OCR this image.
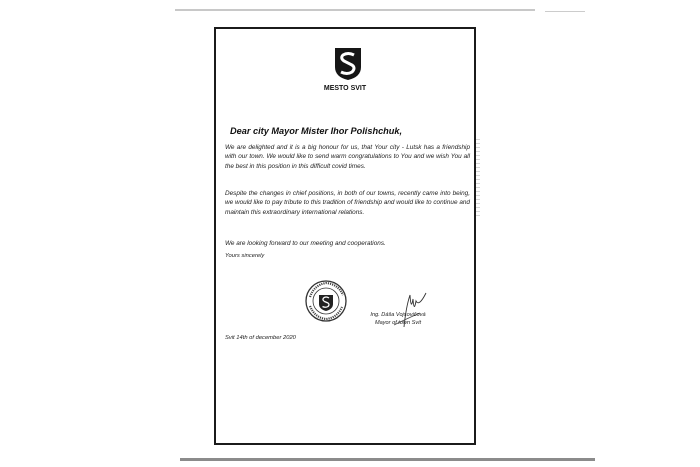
MESTO SVIT
Dear city Mayor Mister Ihor Polishchuk,

We are delighted and it is a big honour for us, that Your city - Lutsk has a friendship with our town. We would like to send warm congratulations to You and we wish You all the best in this position in this difficult covid times.

Despite the changes in chief positions, in both of our towns, recently came into being, we would like to pay tribute to this tradition of friendship and would like to continue and maintain this extraordinary international relations.

We are looking forward to our meeting and cooperations.

Yours sincerely
Ing. Dáša Vojsovičová
Mayor of town Svit
Svit 14th of december 2020
